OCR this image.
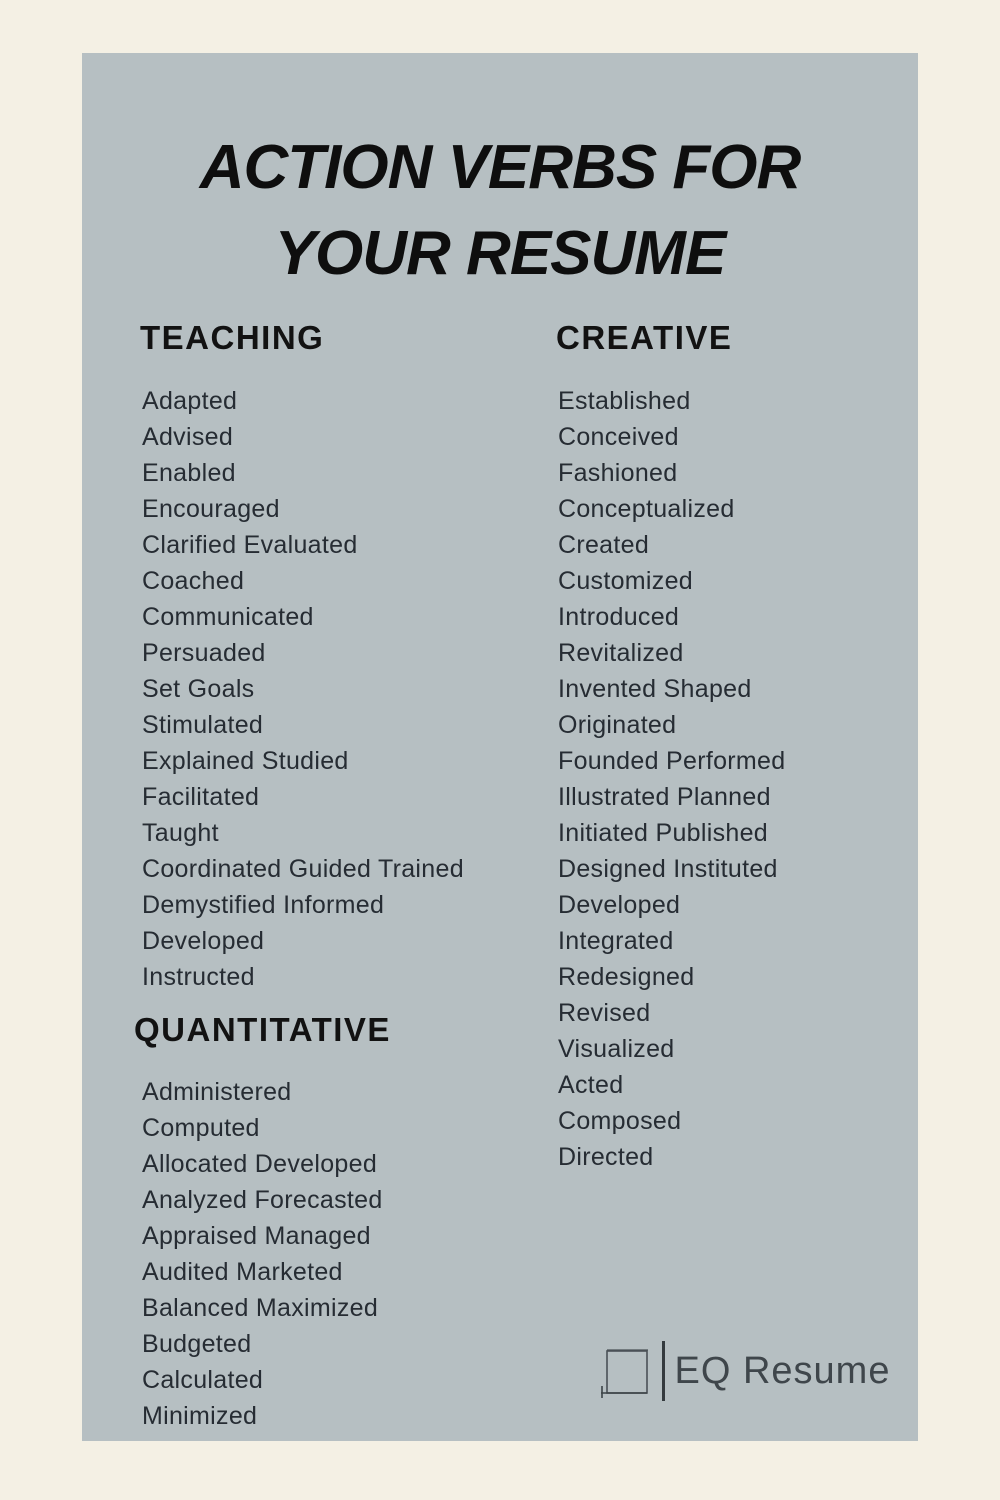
ACTION VERBS FOR
YOUR RESUME
TEACHING
Adapted
Advised
Enabled
Encouraged
Clarified Evaluated
Coached
Communicated
Persuaded
Set Goals
Stimulated
Explained Studied
Facilitated
Taught
Coordinated Guided Trained
Demystified Informed
Developed
Instructed
QUANTITATIVE
Administered
Computed
Allocated Developed
Analyzed Forecasted
Appraised Managed
Audited Marketed
Balanced Maximized
Budgeted
Calculated
Minimized
CREATIVE
Established
Conceived
Fashioned
Conceptualized
Created
Customized
Introduced
Revitalized
Invented Shaped
Originated
Founded Performed
Illustrated Planned
Initiated Published
Designed Instituted
Developed
Integrated
Redesigned
Revised
Visualized
Acted
Composed
Directed
EQ Resume
